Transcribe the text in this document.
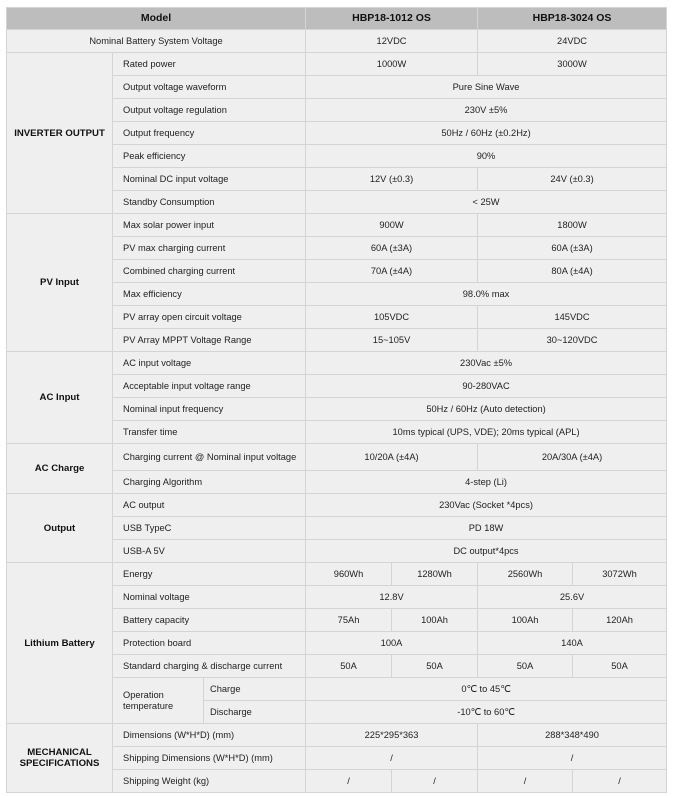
Model			HBP18-1012 OS		HBP18-3024 OS	
Nominal Battery System Voltage			12VDC		24VDC	
INVERTER OUTPUT	Rated power		1000W		3000W	
	Output voltage waveform		Pure Sine Wave			
	Output voltage regulation		230V ±5%			
	Output frequency		50Hz / 60Hz (±0.2Hz)			
	Peak efficiency		90%			
	Nominal DC input voltage		12V (±0.3)		24V (±0.3)	
	Standby Consumption		< 25W			
PV Input	Max solar power input		900W		1800W	
	PV max charging current		60A (±3A)		60A (±3A)	
	Combined charging current		70A (±4A)		80A (±4A)	
	Max efficiency		98.0% max			
	PV array open circuit voltage		105VDC		145VDC	
	PV Array MPPT Voltage Range		15~105V		30~120VDC	
AC Input	AC input voltage		230Vac ±5%			
	Acceptable input voltage range		90-280VAC			
	Nominal input frequency		50Hz / 60Hz (Auto detection)			
	Transfer time		10ms typical (UPS, VDE); 20ms typical (APL)			
AC Charge	Charging current @ Nominal input voltage		10/20A (±4A)		20A/30A (±4A)	
	Charging Algorithm		4-step (Li)			
Output	AC output		230Vac (Socket *4pcs)			
	USB TypeC		PD 18W			
	USB-A 5V		DC output*4pcs			
Lithium Battery	Energy		960Wh	1280Wh	2560Wh	3072Wh
	Nominal voltage		12.8V		25.6V	
	Battery capacity		75Ah	100Ah	100Ah	120Ah
	Protection board		100A		140A	
	Standard charging & discharge current		50A	50A	50A	50A
	Operation temperature	Charge	0℃ to 45℃			
		Discharge	-10℃ to 60℃			
MECHANICAL SPECIFICATIONS	Dimensions (W*H*D) (mm)		225*295*363		288*348*490	
	Shipping Dimensions (W*H*D) (mm)		/		/	
	Shipping Weight (kg)		/	/	/	/
